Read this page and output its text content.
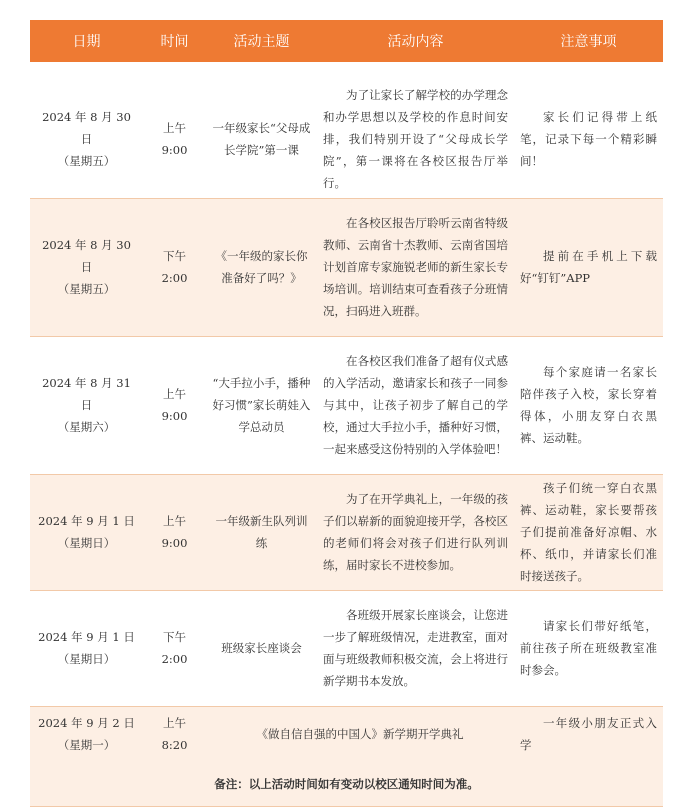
日期	时间	活动主题	活动内容	注意事项

2024 年 8 月 30 日
（星期五）	上午 9:00	一年级家长“父母成长学院”第一课	为了让家长了解学校的办学理念和办学思想以及学校的作息时间安排，我们特别开设了“父母成长学院”，第一课将在各校区报告厅举行。	家长们记得带上纸笔，记录下每一个精彩瞬间！

2024 年 8 月 30 日
（星期五）	下午 2:00	《一年级的家长你准备好了吗？》	在各校区报告厅聆听云南省特级教师、云南省十杰教师、云南省国培计划首席专家施锐老师的新生家长专场培训。培训结束可查看孩子分班情况，扫码进入班群。	提前在手机上下载好“钉钉”APP

2024 年 8 月 31 日
（星期六）	上午 9:00	“大手拉小手，播种好习惯”家长萌娃入学总动员	在各校区我们准备了超有仪式感的入学活动，邀请家长和孩子一同参与其中，让孩子初步了解自己的学校，通过大手拉小手，播种好习惯，一起来感受这份特别的入学体验吧！	每个家庭请一名家长陪伴孩子入校，家长穿着得体，小朋友穿白衣黑裤、运动鞋。

2024 年 9 月 1 日
（星期日）	上午 9:00	一年级新生队列训练	为了在开学典礼上，一年级的孩子们以崭新的面貌迎接开学，各校区的老师们将会对孩子们进行队列训练，届时家长不进校参加。	孩子们统一穿白衣黑裤、运动鞋，家长要帮孩子们提前准备好凉帽、水杯、纸巾，并请家长们准时接送孩子。

2024 年 9 月 1 日
（星期日）	下午 2:00	班级家长座谈会	各班级开展家长座谈会，让您进一步了解班级情况，走进教室，面对面与班级教师积极交流，会上将进行新学期书本发放。	请家长们带好纸笔，前往孩子所在班级教室准时参会。

2024 年 9 月 2 日
（星期一）	上午 8:20	《做自信自强的中国人》新学期开学典礼		一年级小朋友正式入学
备注：以上活动时间如有变动以校区通知时间为准。				
